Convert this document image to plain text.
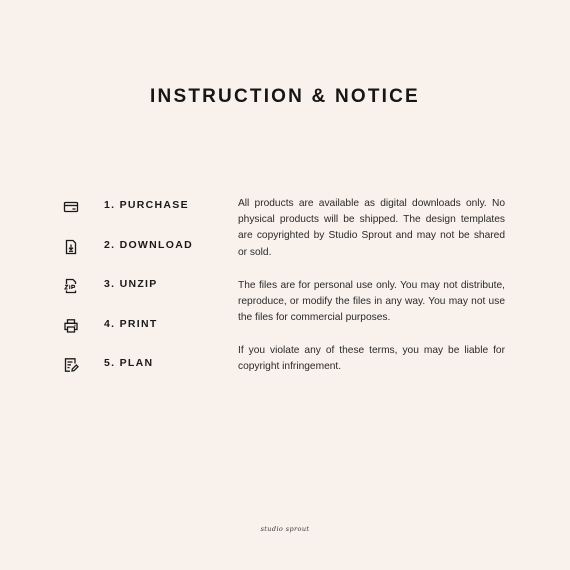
INSTRUCTION & NOTICE
1. PURCHASE
2. DOWNLOAD
3. UNZIP
4. PRINT
5. PLAN

All products are available as digital downloads only. No physical products will be shipped. The design templates are copyrighted by Studio Sprout and may not be shared or sold.

The files are for personal use only. You may not distribute, reproduce, or modify the files in any way. You may not use the files for commercial purposes.

If you violate any of these terms, you may be liable for copyright infringement.

studio sprout
